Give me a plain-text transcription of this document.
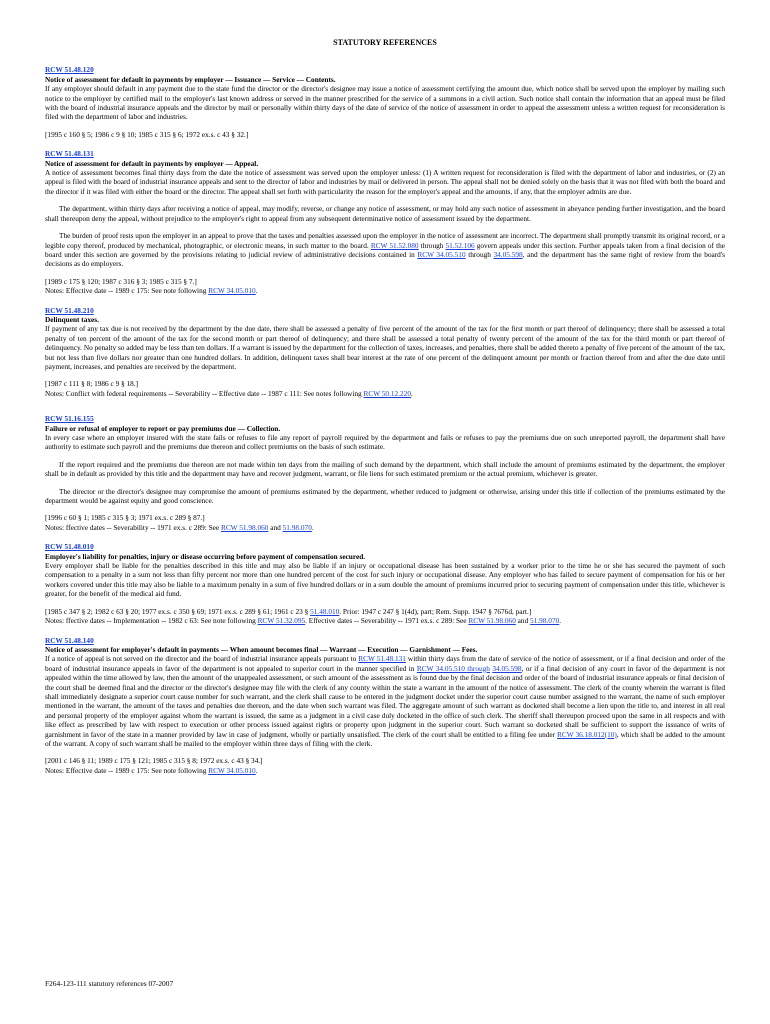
STATUTORY REFERENCES
RCW 51.48.120
Notice of assessment for default in payments by employer — Issuance — Service — Contents.

If any employer should default in any payment due to the state fund the director or the director's designee may issue a notice of assessment certifying the amount due, which notice shall be served upon the employer by mailing such notice to the employer by certified mail to the employer's last known address or served in the manner prescribed for the service of a summons in a civil action. Such notice shall contain the information that an appeal must be filed with the board of industrial insurance appeals and the director by mail or personally within thirty days of the date of service of the notice of assessment in order to appeal the assessment unless a written request for reconsideration is filed with the department of labor and industries.

[1995 c 160 § 5; 1986 c 9 § 10; 1985 c 315 § 6; 1972 ex.s. c 43 § 32.]

RCW 51.48.131
Notice of assessment for default in payments by employer — Appeal.

A notice of assessment becomes final thirty days from the date the notice of assessment was served upon the employer unless: (1) A written request for reconsideration is filed with the department of labor and industries, or (2) an appeal is filed with the board of industrial insurance appeals and sent to the director of labor and industries by mail or delivered in person. The appeal shall not be denied solely on the basis that it was not filed with both the board and the director if it was filed with either the board or the director. The appeal shall set forth with particularity the reason for the employer's appeal and the amounts, if any, that the employer admits are due.

The department, within thirty days after receiving a notice of appeal, may modify, reverse, or change any notice of assessment, or may hold any such notice of assessment in abeyance pending further investigation, and the board shall thereupon deny the appeal, without prejudice to the employer's right to appeal from any subsequent determinative notice of assessment issued by the department.

The burden of proof rests upon the employer in an appeal to prove that the taxes and penalties assessed upon the employer in the notice of assessment are incorrect. The department shall promptly transmit its original record, or a legible copy thereof, produced by mechanical, photographic, or electronic means, in such matter to the board. RCW 51.52.080 through 51.52.106 govern appeals under this section. Further appeals taken from a final decision of the board under this section are governed by the provisions relating to judicial review of administrative decisions contained in RCW 34.05.510 through 34.05.598, and the department has the same right of review from the board's decisions as do employers.

[1989 c 175 § 120; 1987 c 316 § 3; 1985 c 315 § 7.]

Notes: Effective date -- 1989 c 175: See note following RCW 34.05.010.

RCW 51.48.210
Delinquent taxes.

If payment of any tax due is not received by the department by the due date, there shall be assessed a penalty of five percent of the amount of the tax for the first month or part thereof of delinquency; there shall be assessed a total penalty of ten percent of the amount of the tax for the second month or part thereof of delinquency; and there shall be assessed a total penalty of twenty percent of the amount of the tax for the third month or part thereof of delinquency. No penalty so added may be less than ten dollars. If a warrant is issued by the department for the collection of taxes, increases, and penalties, there shall be added thereto a penalty of five percent of the amount of the tax, but not less than five dollars nor greater than one hundred dollars. In addition, delinquent taxes shall bear interest at the rate of one percent of the delinquent amount per month or fraction thereof from and after the due date until payment, increases, and penalties are received by the department.

[1987 c 111 § 8; 1986 c 9 § 18.]

Notes: Conflict with federal requirements -- Severability -- Effective date -- 1987 c 111: See notes following RCW 50.12.220.

RCW 51.16.155
Failure or refusal of employer to report or pay premiums due — Collection.

In every case where an employer insured with the state fails or refuses to file any report of payroll required by the department and fails or refuses to pay the premiums due on such unreported payroll, the department shall have authority to estimate such payroll and the premiums due thereon and collect premiums on the basis of such estimate.

If the report required and the premiums due thereon are not made within ten days from the mailing of such demand by the department, which shall include the amount of premiums estimated by the department, the employer shall be in default as provided by this title and the department may have and recover judgment, warrant, or file liens for such estimated premium or the actual premium, whichever is greater.

The director or the director's designee may compromise the amount of premiums estimated by the department, whether reduced to judgment or otherwise, arising under this title if collection of the premiums estimated by the department would be against equity and good conscience.

[1996 c 60 § 1; 1985 c 315 § 3; 1971 ex.s. c 289 § 87.]

Notes: ffective dates -- Severability -- 1971 ex.s. c 289: See RCW 51.98.060 and 51.98.070.

RCW 51.48.010
Employer's liability for penalties, injury or disease occurring before payment of compensation secured.

Every employer shall be liable for the penalties described in this title and may also be liable if an injury or occupational disease has been sustained by a worker prior to the time he or she has secured the payment of such compensation to a penalty in a sum not less than fifty percent nor more than one hundred percent of the cost for such injury or occupational disease. Any employer who has failed to secure payment of compensation for his or her workers covered under this title may also be liable to a maximum penalty in a sum of five hundred dollars or in a sum double the amount of premiums incurred prior to securing payment of compensation under this title, whichever is greater, for the benefit of the medical aid fund.

[1985 c 347 § 2; 1982 c 63 § 20; 1977 ex.s. c 350 § 69; 1971 ex.s. c 289 § 61; 1961 c 23 § 51.48.010. Prior: 1947 c 247 § 1(4d), part; Rem. Supp. 1947 § 7676d, part.]

Notes: ffective dates -- Implementation -- 1982 c 63: See note following RCW 51.32.095. Effective dates -- Severability -- 1971 ex.s. c 289: See RCW 51.98.060 and 51.98.070.

RCW 51.48.140
Notice of assessment for employer's default in payments — When amount becomes final — Warrant — Execution — Garnishment — Fees.

If a notice of appeal is not served on the director and the board of industrial insurance appeals pursuant to RCW 51.48.131 within thirty days from the date of service of the notice of assessment, or if a final decision and order of the board of industrial insurance appeals in favor of the department is not appealed to superior court in the manner specified in RCW 34.05.510 through 34.05.598, or if a final decision of any court in favor of the department is not appealed within the time allowed by law, then the amount of the unappealed assessment, or such amount of the assessment as is found due by the final decision and order of the board of industrial insurance appeals or final decision of the court shall be deemed final and the director or the director's designee may file with the clerk of any county within the state a warrant in the amount of the notice of assessment. The clerk of the county wherein the warrant is filed shall immediately designate a superior court cause number for such warrant, and the clerk shall cause to be entered in the judgment docket under the superior court cause number assigned to the warrant, the name of such employer mentioned in the warrant, the amount of the taxes and penalties due thereon, and the date when such warrant was filed. The aggregate amount of such warrant as docketed shall become a lien upon the title to, and interest in all real and personal property of the employer against whom the warrant is issued, the same as a judgment in a civil case duly docketed in the office of such clerk. The sheriff shall thereupon proceed upon the same in all respects and with like effect as prescribed by law with respect to execution or other process issued against rights or property upon judgment in the superior court. Such warrant so docketed shall be sufficient to support the issuance of writs of garnishment in favor of the state in a manner provided by law in case of judgment, wholly or partially unsatisfied. The clerk of the court shall be entitled to a filing fee under RCW 36.18.012(10), which shall be added to the amount of the warrant. A copy of such warrant shall be mailed to the employer within three days of filing with the clerk.

[2001 c 146 § 11; 1989 c 175 § 121; 1985 c 315 § 8; 1972 ex.s. c 43 § 34.]

Notes: Effective date -- 1989 c 175: See note following RCW 34.05.010.

F264-123-111 statutory references 07-2007
